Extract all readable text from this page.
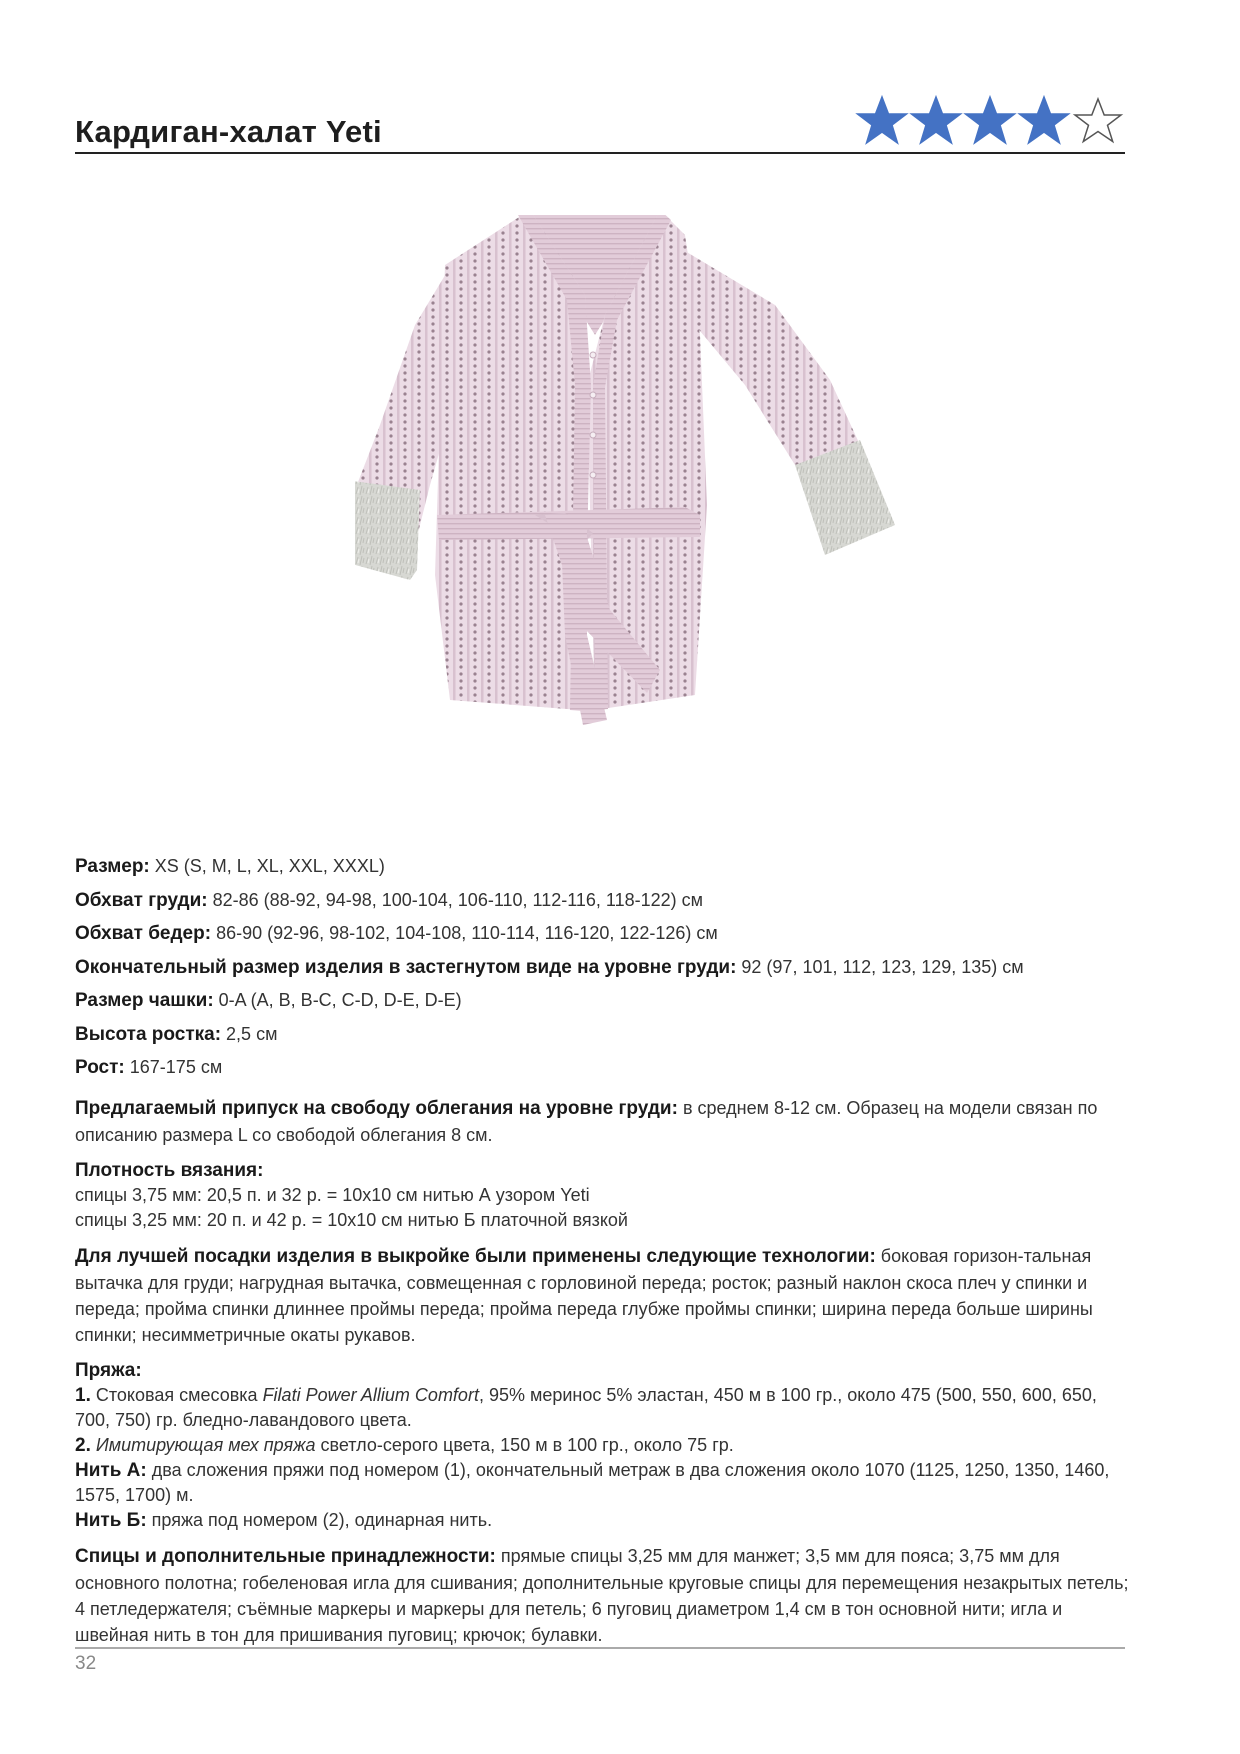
Кардиган-халат Yeti
Размер: XS (S, M, L, XL, XXL, XXXL)
Обхват груди: 82-86 (88-92, 94-98, 100-104, 106-110, 112-116, 118-122) см
Обхват бедер: 86-90 (92-96, 98-102, 104-108, 110-114, 116-120, 122-126) см
Окончательный размер изделия в застегнутом виде на уровне груди: 92 (97, 101, 112, 123, 129, 135) см
Размер чашки: 0-A (A, B, B-C, C-D, D-E, D-E)
Высота ростка: 2,5 см
Рост: 167-175 см
Предлагаемый припуск на свободу облегания на уровне груди: в среднем 8-12 см. Образец на модели связан по описанию размера L со свободой облегания 8 см.
Плотность вязания:
спицы 3,75 мм: 20,5 п. и 32 р. = 10х10 см нитью А узором Yeti
спицы 3,25 мм: 20 п. и 42 р. = 10х10 см нитью Б платочной вязкой
Для лучшей посадки изделия в выкройке были применены следующие технологии: боковая горизон-тальная вытачка для груди; нагрудная вытачка, совмещенная с горловиной переда; росток; разный наклон скоса плеч у спинки и переда; пройма спинки длиннее проймы переда; пройма переда глубже проймы спинки; ширина переда больше ширины спинки; несимметричные окаты рукавов.
Пряжа:
1. Стоковая смесовка Filati Power Allium Comfort, 95% меринос 5% эластан, 450 м в 100 гр., около 475 (500, 550, 600, 650, 700, 750) гр. бледно-лавандового цвета.
2. Имитирующая мех пряжа светло-серого цвета, 150 м в 100 гр., около 75 гр.
Нить А: два сложения пряжи под номером (1), окончательный метраж в два сложения около 1070 (1125, 1250, 1350, 1460, 1575, 1700) м.
Нить Б: пряжа под номером (2), одинарная нить.
Спицы и дополнительные принадлежности: прямые спицы 3,25 мм для манжет; 3,5 мм для пояса; 3,75 мм для основного полотна; гобеленовая игла для сшивания; дополнительные круговые спицы для перемещения незакрытых петель; 4 петледержателя; съёмные маркеры и маркеры для петель; 6 пуговиц диаметром 1,4 см в тон основной нити; игла и швейная нить в тон для пришивания пуговиц; крючок; булавки.
32
